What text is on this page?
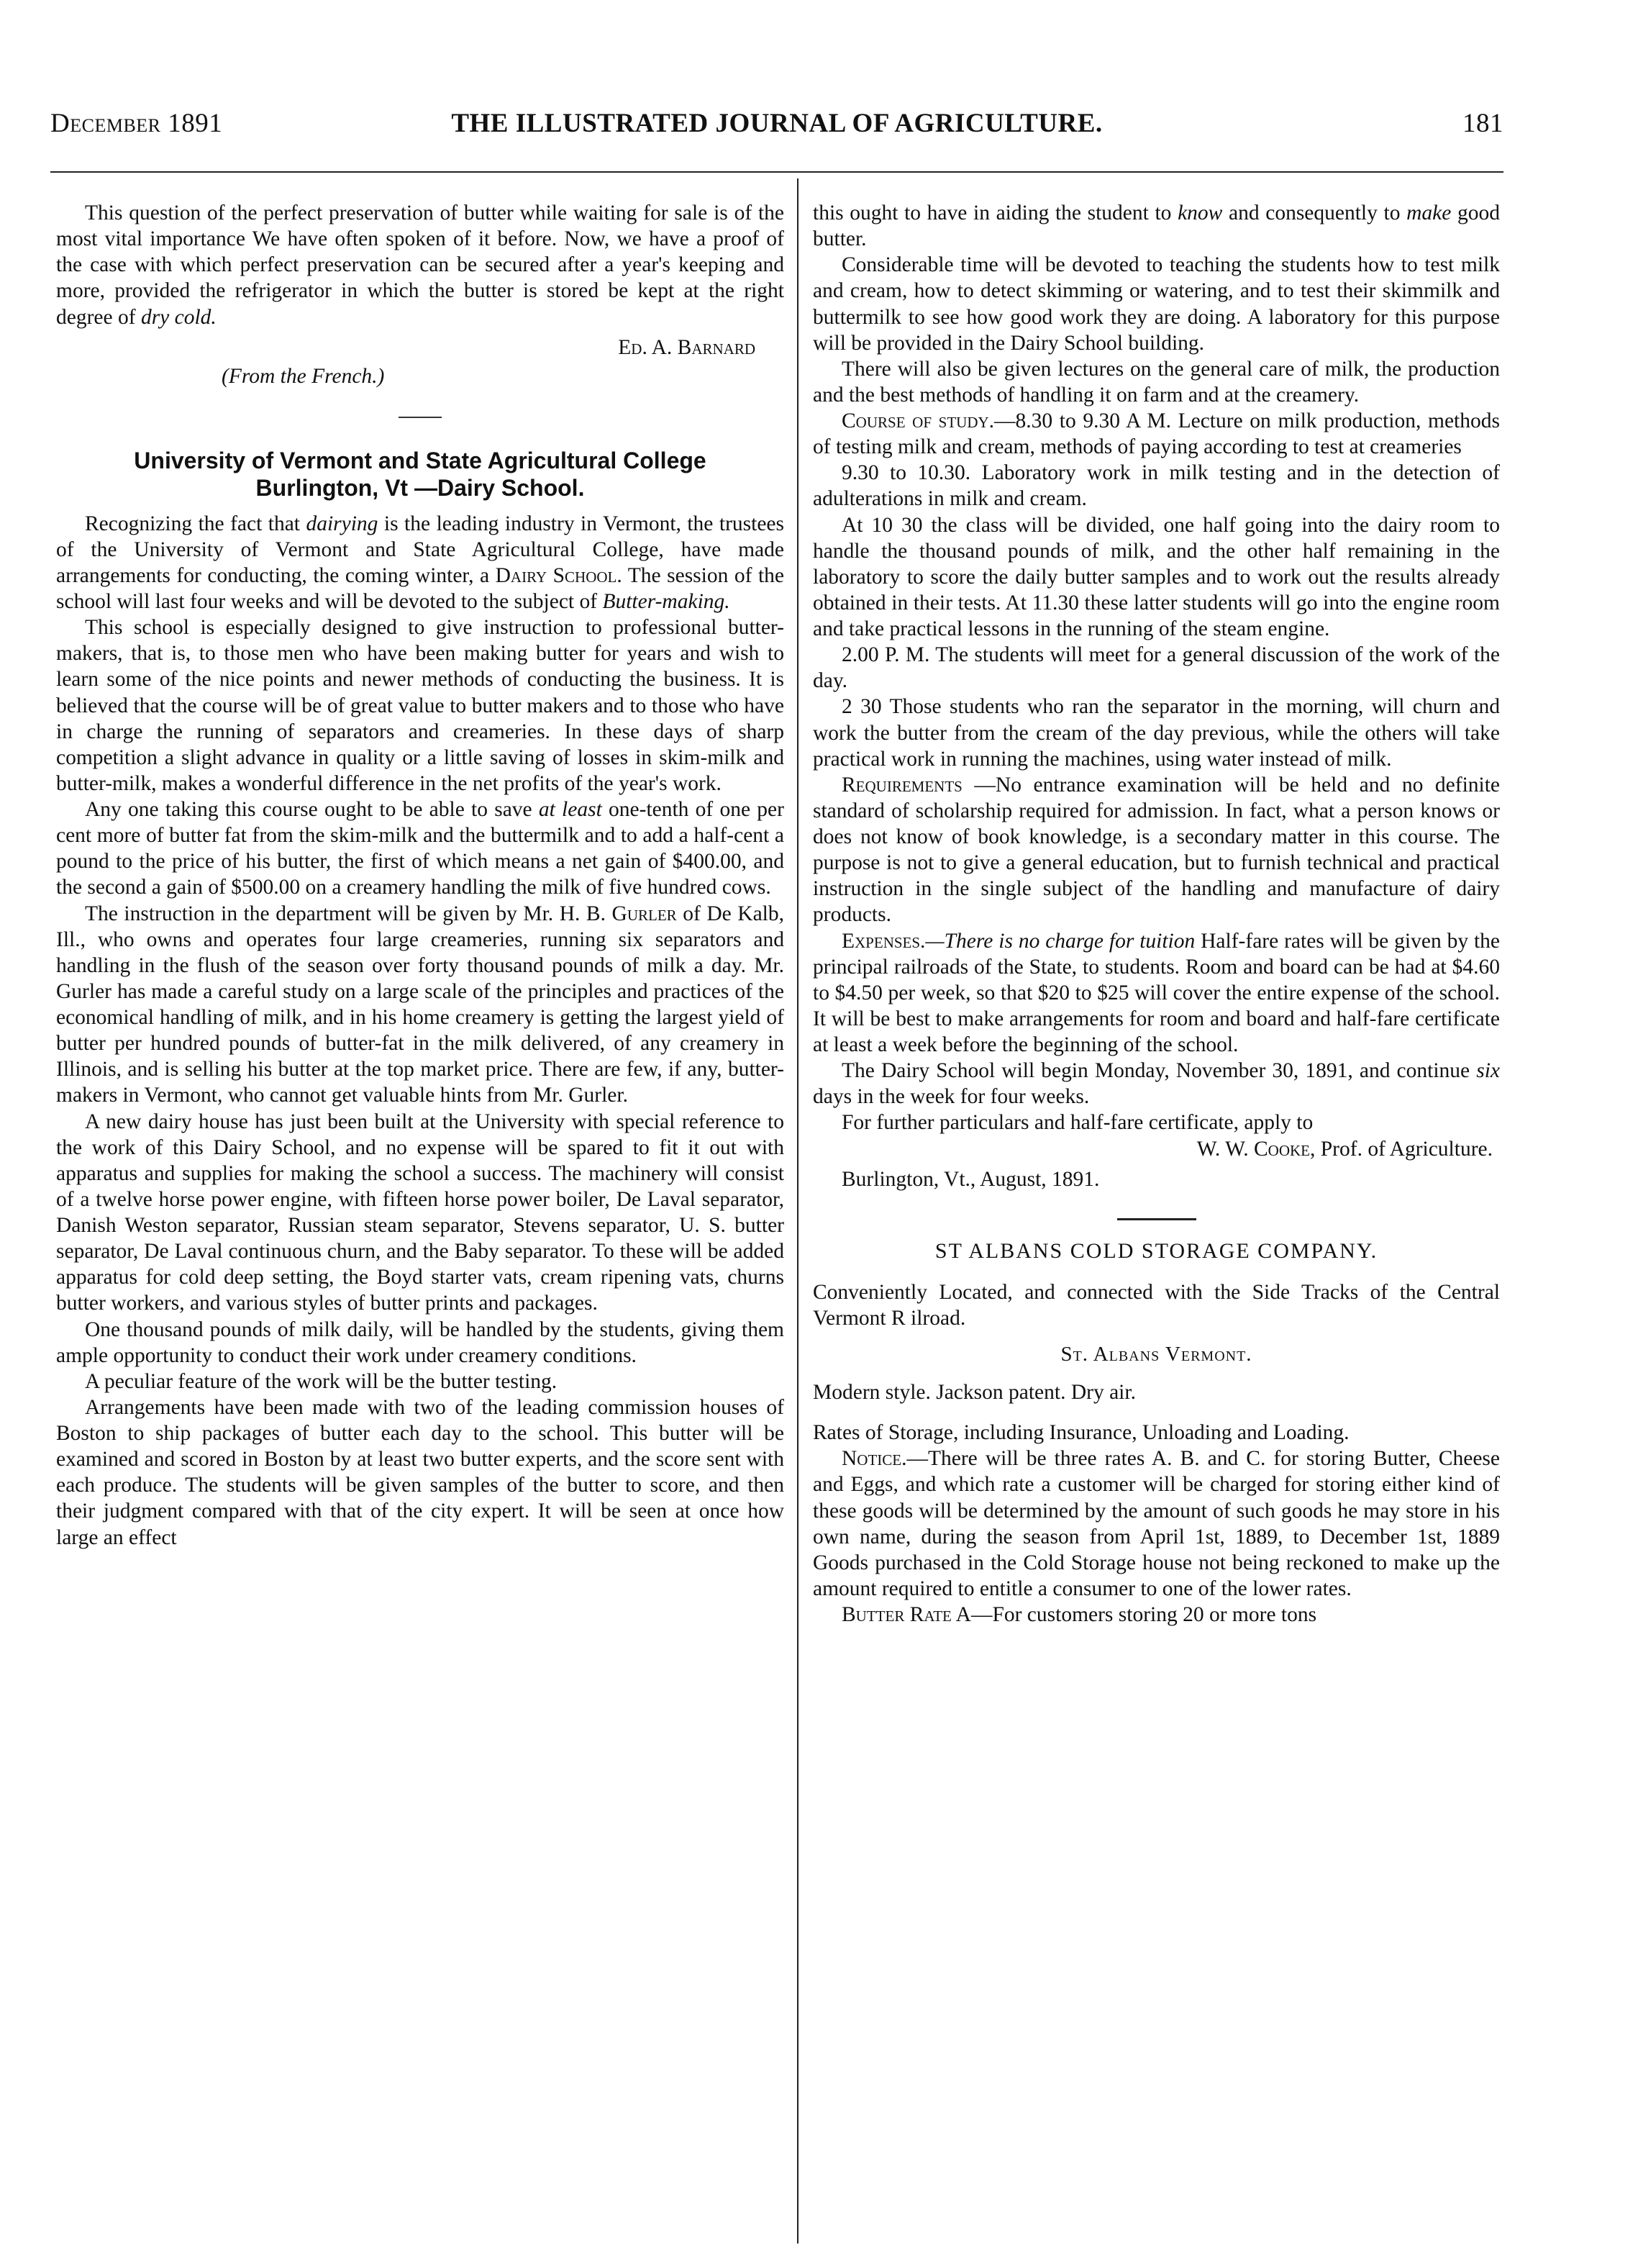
THE ILLUSTRATED JOURNAL OF AGRICULTURE.
December 1891	181

This question of the perfect preservation of butter while waiting for sale is of the most vital importance We have often spoken of it before. Now, we have a proof of the case with which perfect preservation can be secured after a year's keeping and more, provided the refrigerator in which the butter is stored be kept at the right degree of dry cold.

Ed. A. Barnard

(From the French.)

University of Vermont and State Agricultural College
Burlington, Vt —Dairy School.

Recognizing the fact that dairying is the leading industry in Vermont, the trustees of the University of Vermont and State Agricultural College, have made arrangements for conducting, the coming winter, a Dairy School. The session of the school will last four weeks and will be devoted to the subject of Butter-making.

This school is especially designed to give instruction to professional butter-makers, that is, to those men who have been making butter for years and wish to learn some of the nice points and newer methods of conducting the business. It is believed that the course will be of great value to butter makers and to those who have in charge the running of separators and creameries. In these days of sharp competition a slight advance in quality or a little saving of losses in skim-milk and butter-milk, makes a wonderful difference in the net profits of the year's work.

Any one taking this course ought to be able to save at least one-tenth of one per cent more of butter fat from the skim-milk and the buttermilk and to add a half-cent a pound to the price of his butter, the first of which means a net gain of $400.00, and the second a gain of $500.00 on a creamery handling the milk of five hundred cows.

The instruction in the department will be given by Mr. H. B. Gurler of De Kalb, Ill., who owns and operates four large creameries, running six separators and handling in the flush of the season over forty thousand pounds of milk a day. Mr. Gurler has made a careful study on a large scale of the principles and practices of the economical handling of milk, and in his home creamery is getting the largest yield of butter per hundred pounds of butter-fat in the milk delivered, of any creamery in Illinois, and is selling his butter at the top market price. There are few, if any, butter-makers in Vermont, who cannot get valuable hints from Mr. Gurler.

A new dairy house has just been built at the University with special reference to the work of this Dairy School, and no expense will be spared to fit it out with apparatus and supplies for making the school a success. The machinery will consist of a twelve horse power engine, with fifteen horse power boiler, De Laval separator, Danish Weston separator, Russian steam separator, Stevens separator, U. S. butter separator, De Laval continuous churn, and the Baby separator. To these will be added apparatus for cold deep setting, the Boyd starter vats, cream ripening vats, churns butter workers, and various styles of butter prints and packages.

One thousand pounds of milk daily, will be handled by the students, giving them ample opportunity to conduct their work under creamery conditions.

A peculiar feature of the work will be the butter testing.

Arrangements have been made with two of the leading commission houses of Boston to ship packages of butter each day to the school. This butter will be examined and scored in Boston by at least two butter experts, and the score sent with each produce. The students will be given samples of the butter to score, and then their judgment compared with that of the city expert. It will be seen at once how large an effect

this ought to have in aiding the student to know and consequently to make good butter.

Considerable time will be devoted to teaching the students how to test milk and cream, how to detect skimming or watering, and to test their skimmilk and buttermilk to see how good work they are doing. A laboratory for this purpose will be provided in the Dairy School building.

There will also be given lectures on the general care of milk, the production and the best methods of handling it on farm and at the creamery.

Course of study.—8.30 to 9.30 A M. Lecture on milk production, methods of testing milk and cream, methods of paying according to test at creameries

9.30 to 10.30. Laboratory work in milk testing and in the detection of adulterations in milk and cream.

At 10 30 the class will be divided, one half going into the dairy room to handle the thousand pounds of milk, and the other half remaining in the laboratory to score the daily butter samples and to work out the results already obtained in their tests. At 11.30 these latter students will go into the engine room and take practical lessons in the running of the steam engine.

2.00 P. M. The students will meet for a general discussion of the work of the day.

2 30 Those students who ran the separator in the morning, will churn and work the butter from the cream of the day previous, while the others will take practical work in running the machines, using water instead of milk.

Requirements —No entrance examination will be held and no definite standard of scholarship required for admission. In fact, what a person knows or does not know of book knowledge, is a secondary matter in this course. The purpose is not to give a general education, but to furnish technical and practical instruction in the single subject of the handling and manufacture of dairy products.

Expenses.—There is no charge for tuition Half-fare rates will be given by the principal railroads of the State, to students. Room and board can be had at $4.60 to $4.50 per week, so that $20 to $25 will cover the entire expense of the school. It will be best to make arrangements for room and board and half-fare certificate at least a week before the beginning of the school.

The Dairy School will begin Monday, November 30, 1891, and continue six days in the week for four weeks.

For further particulars and half-fare certificate, apply to

W. W. Cooke, Prof. of Agriculture.

Burlington, Vt., August, 1891.

ST ALBANS COLD STORAGE COMPANY.

Conveniently Located, and connected with the Side Tracks of the Central Vermont R ilroad.

St. Albans Vermont.

Modern style. Jackson patent. Dry air.

Rates of Storage, including Insurance, Unloading and Loading.

Notice.—There will be three rates A. B. and C. for storing Butter, Cheese and Eggs, and which rate a customer will be charged for storing either kind of these goods will be determined by the amount of such goods he may store in his own name, during the season from April 1st, 1889, to December 1st, 1889 Goods purchased in the Cold Storage house not being reckoned to make up the amount required to entitle a consumer to one of the lower rates.

Butter Rate A—For customers storing 20 or more tons
